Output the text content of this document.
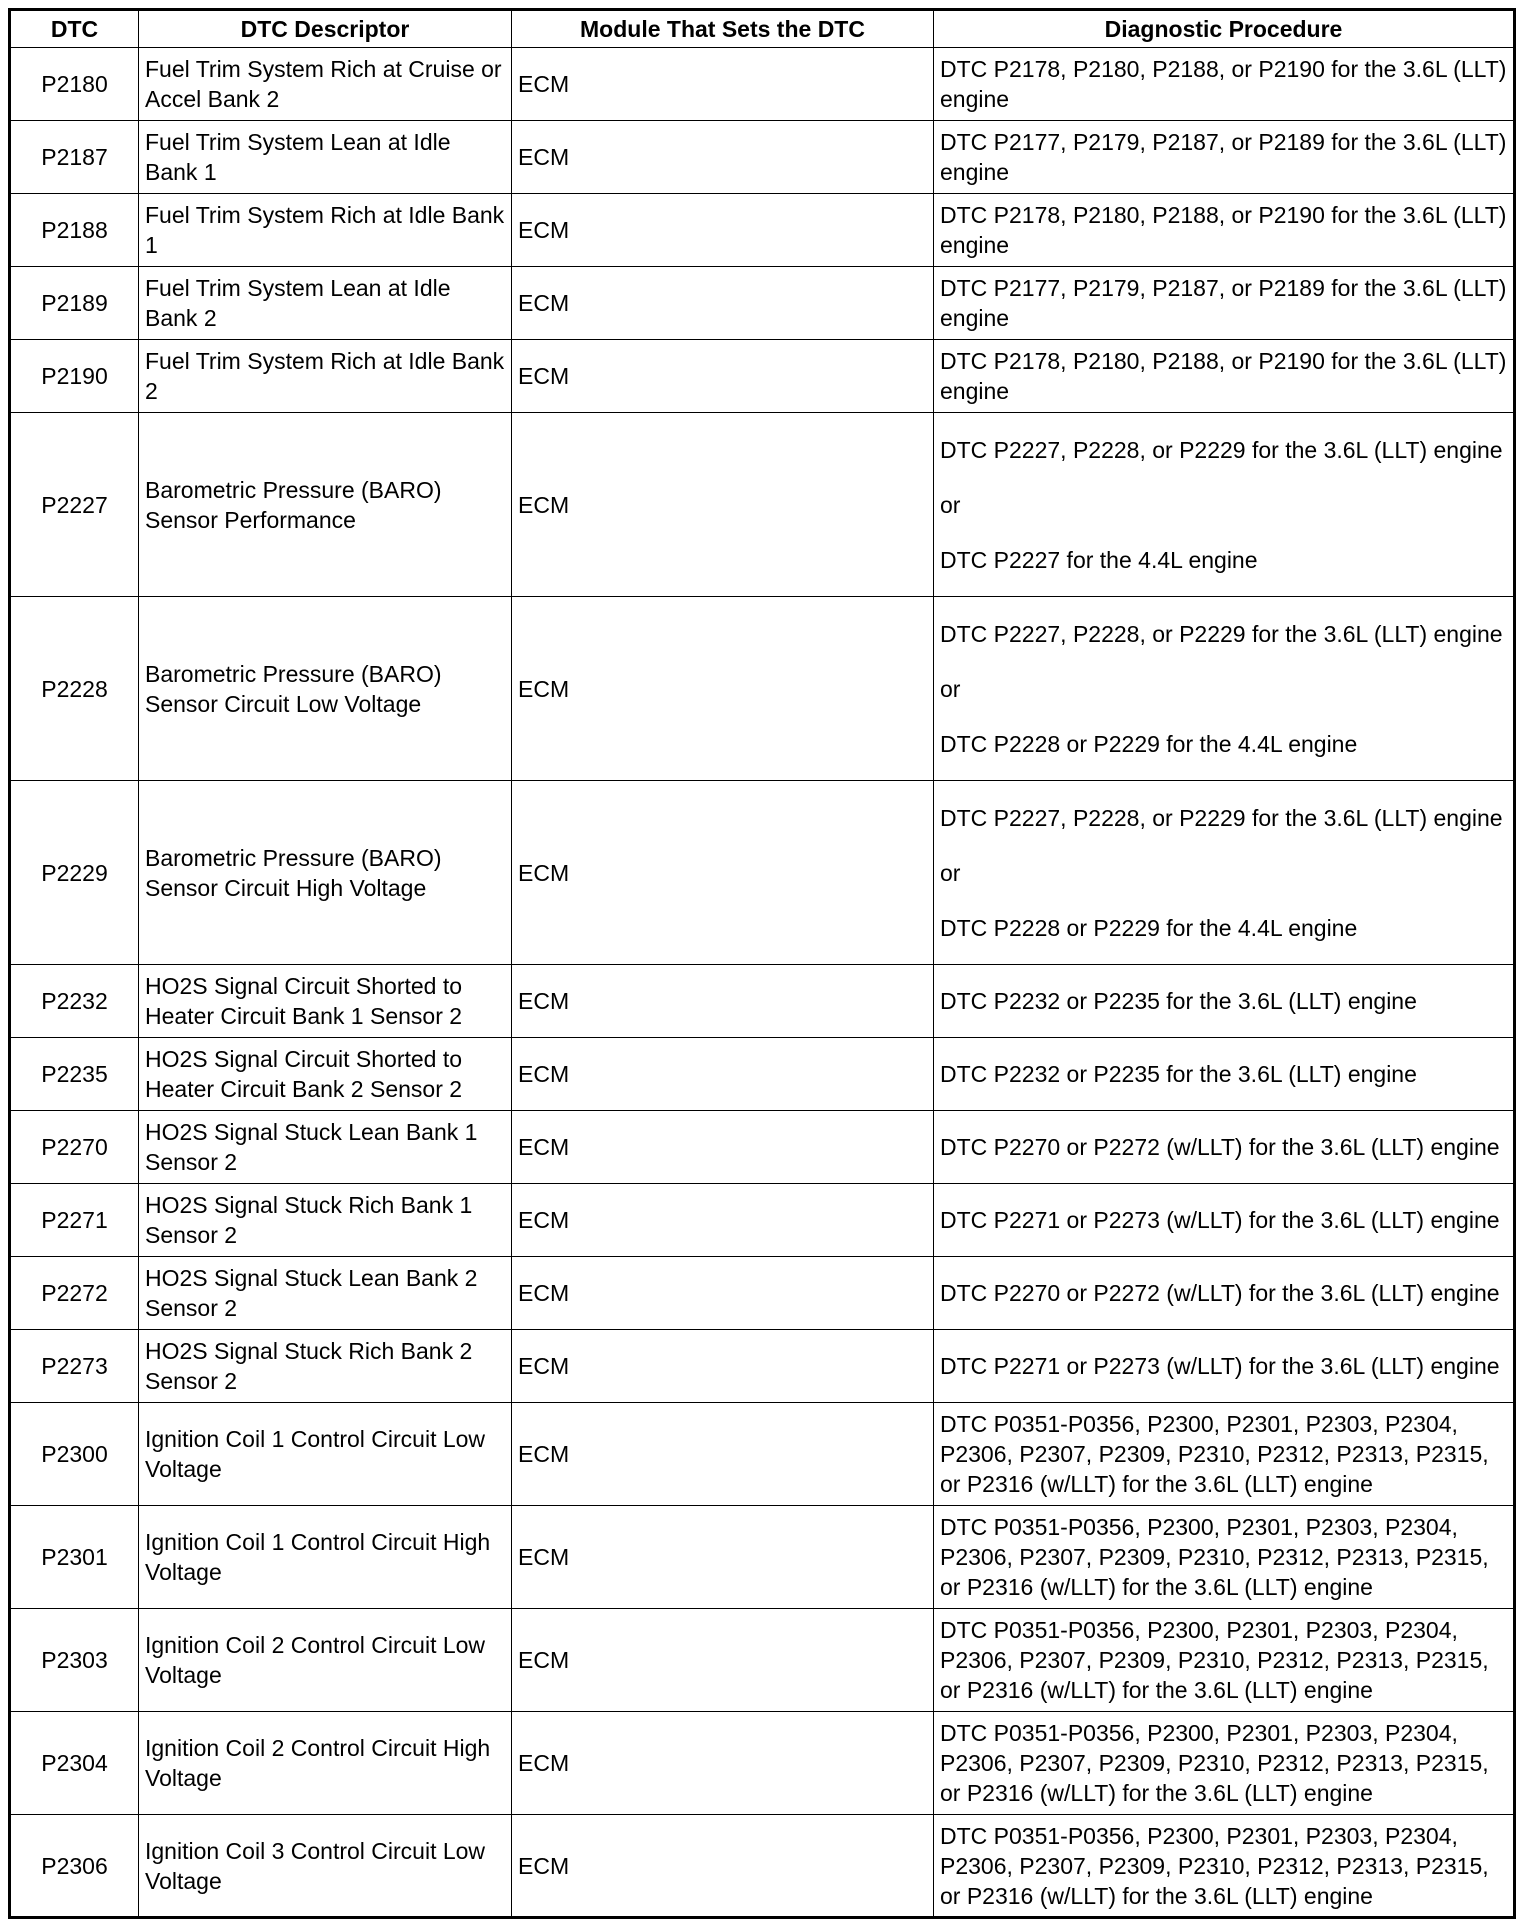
DTC	DTC Descriptor	Module That Sets the DTC	Diagnostic Procedure
P2180	Fuel Trim System Rich at Cruise or Accel Bank 2	ECM	DTC P2178, P2180, P2188, or P2190 for the 3.6L (LLT) engine

P2187	Fuel Trim System Lean at Idle Bank 1	ECM	DTC P2177, P2179, P2187, or P2189 for the 3.6L (LLT) engine

P2188	Fuel Trim System Rich at Idle Bank 1	ECM	DTC P2178, P2180, P2188, or P2190 for the 3.6L (LLT) engine

P2189	Fuel Trim System Lean at Idle Bank 2	ECM	DTC P2177, P2179, P2187, or P2189 for the 3.6L (LLT) engine

P2190	Fuel Trim System Rich at Idle Bank 2	ECM	DTC P2178, P2180, P2188, or P2190 for the 3.6L (LLT) engine

P2227	Barometric Pressure (BARO) Sensor Performance	ECM	DTC P2227, P2228, or P2229 for the 3.6L (LLT) engine
or
DTC P2227 for the 4.4L engine

P2228	Barometric Pressure (BARO) Sensor Circuit Low Voltage	ECM	DTC P2227, P2228, or P2229 for the 3.6L (LLT) engine
or
DTC P2228 or P2229 for the 4.4L engine

P2229	Barometric Pressure (BARO) Sensor Circuit High Voltage	ECM	DTC P2227, P2228, or P2229 for the 3.6L (LLT) engine
or
DTC P2228 or P2229 for the 4.4L engine

P2232	HO2S Signal Circuit Shorted to Heater Circuit Bank 1 Sensor 2	ECM	DTC P2232 or P2235 for the 3.6L (LLT) engine

P2235	HO2S Signal Circuit Shorted to Heater Circuit Bank 2 Sensor 2	ECM	DTC P2232 or P2235 for the 3.6L (LLT) engine

P2270	HO2S Signal Stuck Lean Bank 1 Sensor 2	ECM	DTC P2270 or P2272 (w/LLT) for the 3.6L (LLT) engine

P2271	HO2S Signal Stuck Rich Bank 1 Sensor 2	ECM	DTC P2271 or P2273 (w/LLT) for the 3.6L (LLT) engine

P2272	HO2S Signal Stuck Lean Bank 2 Sensor 2	ECM	DTC P2270 or P2272 (w/LLT) for the 3.6L (LLT) engine

P2273	HO2S Signal Stuck Rich Bank 2 Sensor 2	ECM	DTC P2271 or P2273 (w/LLT) for the 3.6L (LLT) engine

P2300	Ignition Coil 1 Control Circuit Low Voltage	ECM	DTC P0351-P0356, P2300, P2301, P2303, P2304, P2306, P2307, P2309, P2310, P2312, P2313, P2315, or P2316 (w/LLT) for the 3.6L (LLT) engine

P2301	Ignition Coil 1 Control Circuit High Voltage	ECM	DTC P0351-P0356, P2300, P2301, P2303, P2304, P2306, P2307, P2309, P2310, P2312, P2313, P2315, or P2316 (w/LLT) for the 3.6L (LLT) engine

P2303	Ignition Coil 2 Control Circuit Low Voltage	ECM	DTC P0351-P0356, P2300, P2301, P2303, P2304, P2306, P2307, P2309, P2310, P2312, P2313, P2315, or P2316 (w/LLT) for the 3.6L (LLT) engine

P2304	Ignition Coil 2 Control Circuit High Voltage	ECM	DTC P0351-P0356, P2300, P2301, P2303, P2304, P2306, P2307, P2309, P2310, P2312, P2313, P2315, or P2316 (w/LLT) for the 3.6L (LLT) engine

P2306	Ignition Coil 3 Control Circuit Low Voltage	ECM	DTC P0351-P0356, P2300, P2301, P2303, P2304, P2306, P2307, P2309, P2310, P2312, P2313, P2315, or P2316 (w/LLT) for the 3.6L (LLT) engine
